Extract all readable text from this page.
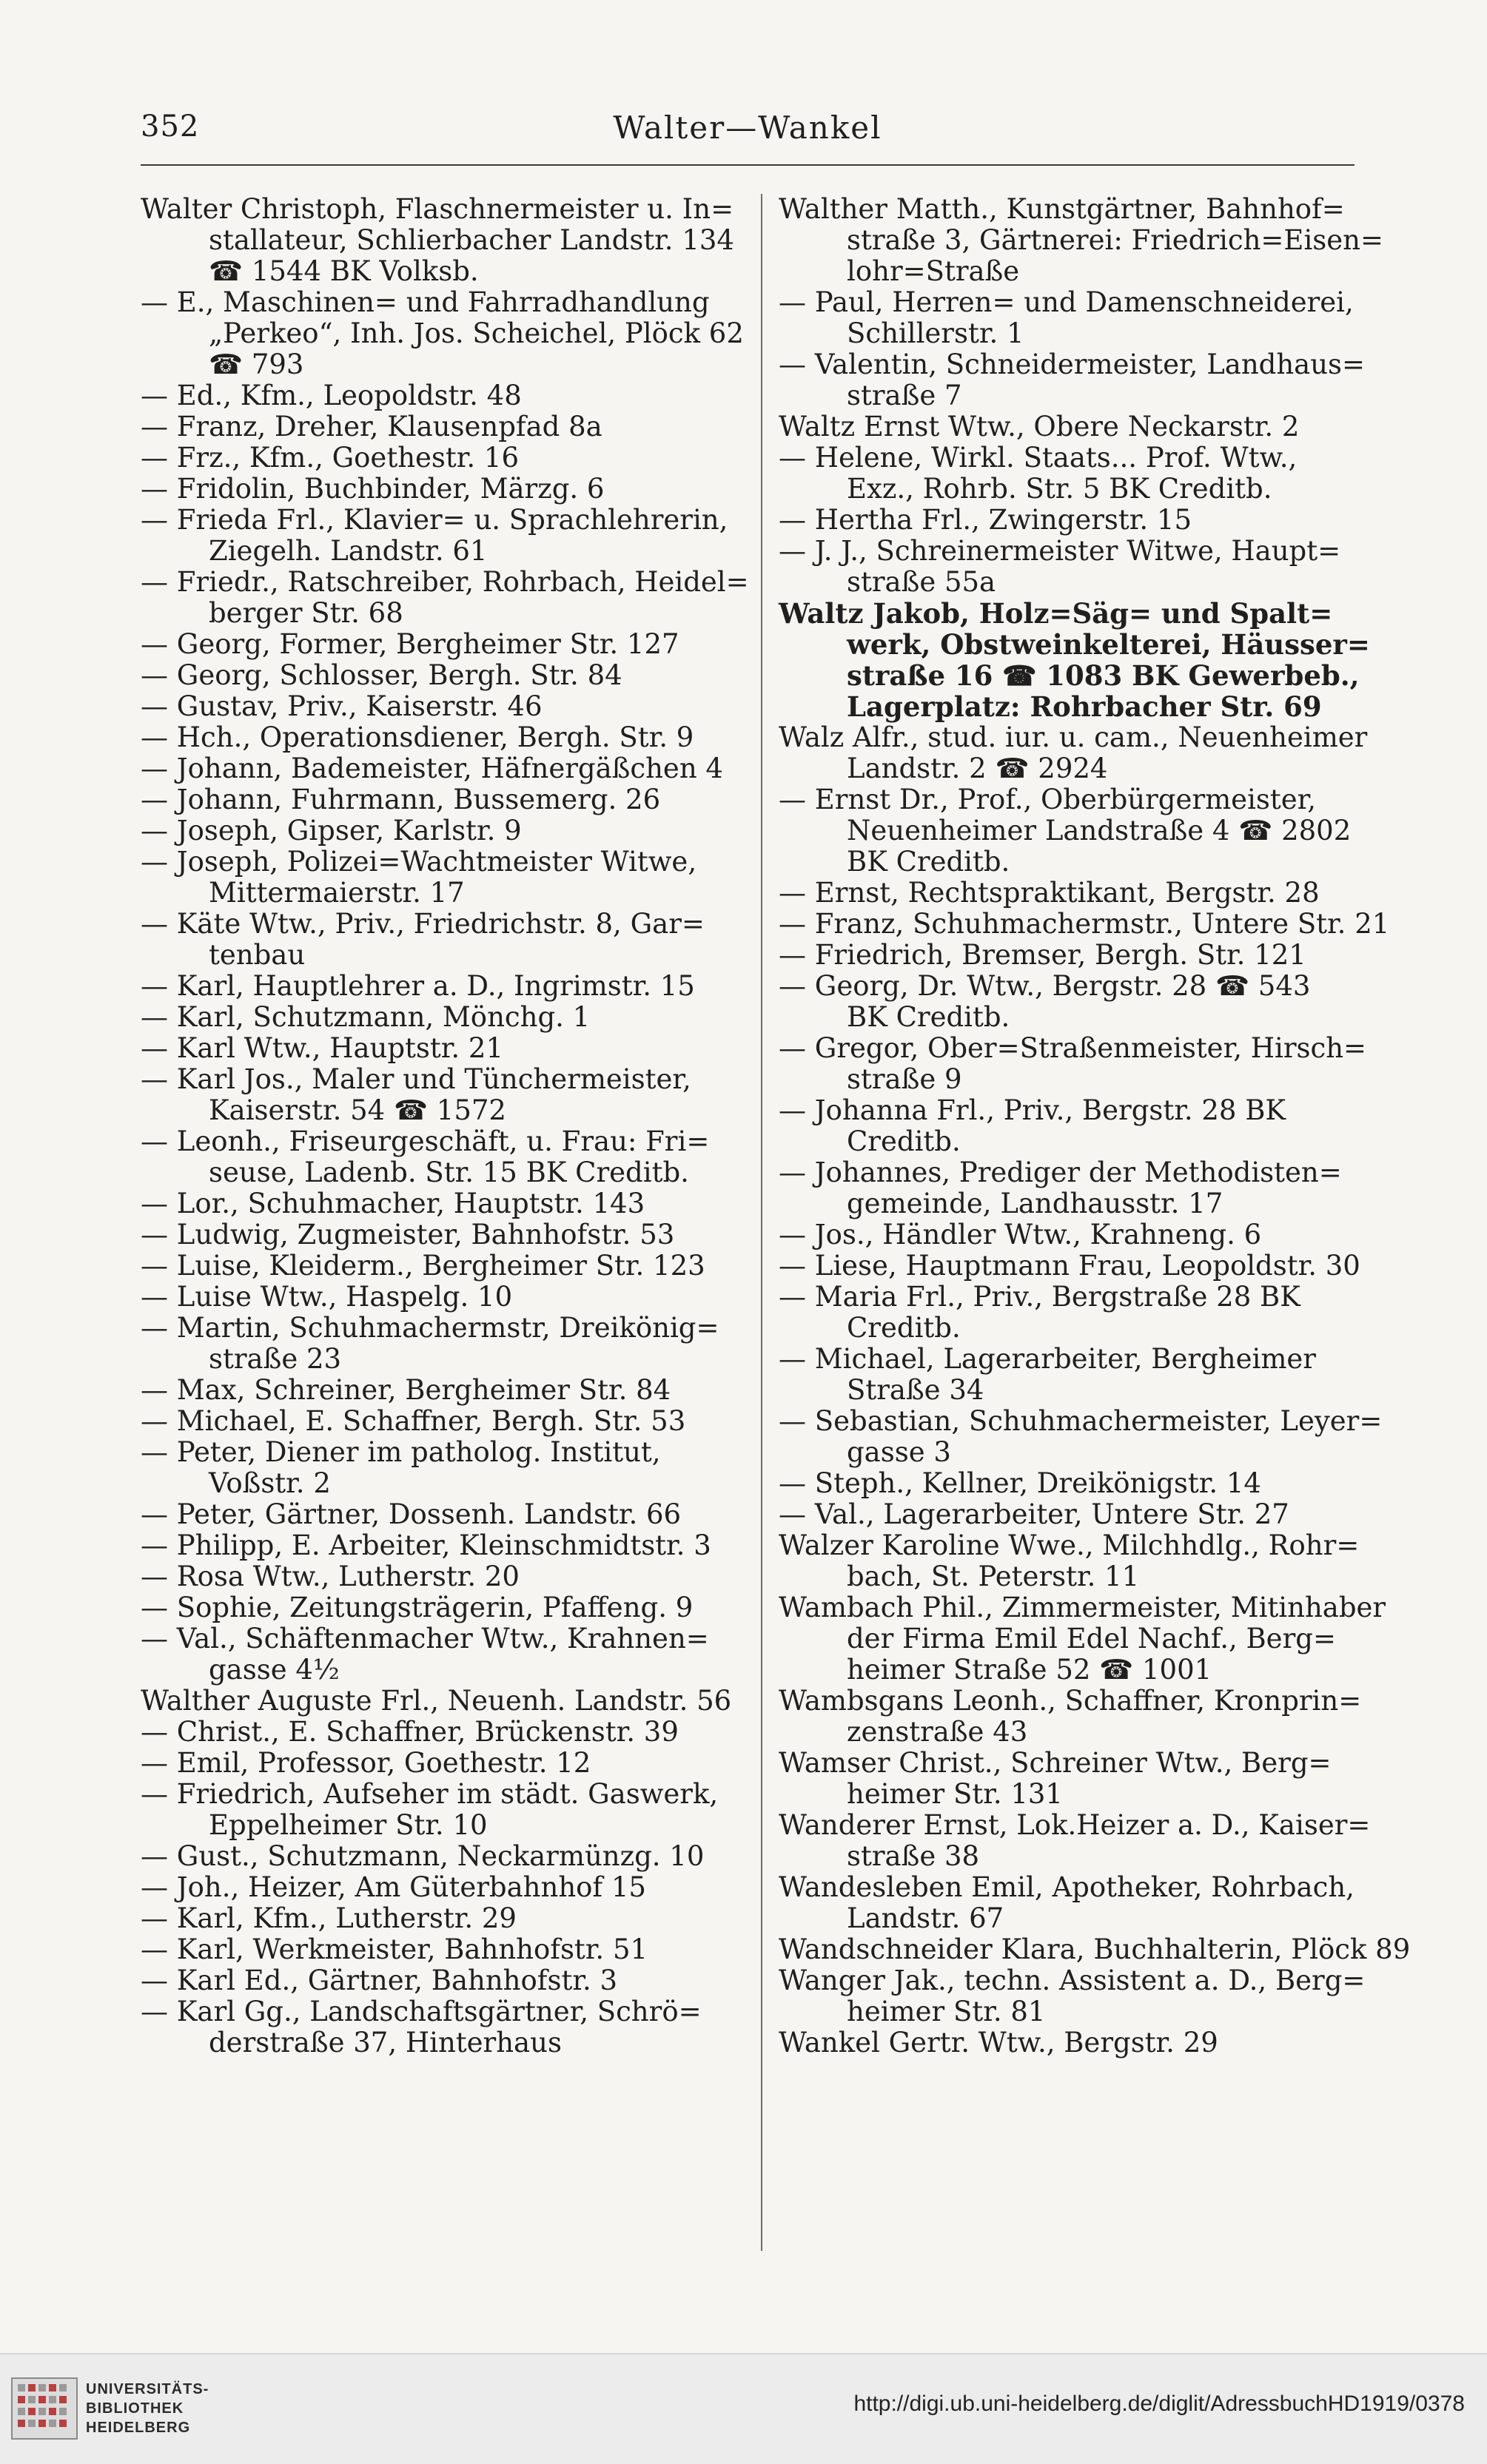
352	Walter—Wankel
Walter Christoph, Flaschnermeister u. In=
stallateur, Schlierbacher Landstr. 134
☎ 1544 BK Volksb.
— E., Maschinen= und Fahrradhandlung
„Perkeo“, Inh. Jos. Scheichel, Plöck 62
☎ 793
— Ed., Kfm., Leopoldstr. 48
— Franz, Dreher, Klausenpfad 8a
— Frz., Kfm., Goethestr. 16
— Fridolin, Buchbinder, Märzg. 6
— Frieda Frl., Klavier= u. Sprachlehrerin,
Ziegelh. Landstr. 61
— Friedr., Ratschreiber, Rohrbach, Heidel=
berger Str. 68
— Georg, Former, Bergheimer Str. 127
— Georg, Schlosser, Bergh. Str. 84
— Gustav, Priv., Kaiserstr. 46
— Hch., Operationsdiener, Bergh. Str. 9
— Johann, Bademeister, Häfnergäßchen 4
— Johann, Fuhrmann, Bussemerg. 26
— Joseph, Gipser, Karlstr. 9
— Joseph, Polizei=Wachtmeister Witwe,
Mittermaierstr. 17
— Käte Wtw., Priv., Friedrichstr. 8, Gar=
tenbau
— Karl, Hauptlehrer a. D., Ingrimstr. 15
— Karl, Schutzmann, Mönchg. 1
— Karl Wtw., Hauptstr. 21
— Karl Jos., Maler und Tünchermeister,
Kaiserstr. 54 ☎ 1572
— Leonh., Friseurgeschäft, u. Frau: Fri=
seuse, Ladenb. Str. 15 BK Creditb.
— Lor., Schuhmacher, Hauptstr. 143
— Ludwig, Zugmeister, Bahnhofstr. 53
— Luise, Kleiderm., Bergheimer Str. 123
— Luise Wtw., Haspelg. 10
— Martin, Schuhmachermstr, Dreikönig=
straße 23
— Max, Schreiner, Bergheimer Str. 84
— Michael, E. Schaffner, Bergh. Str. 53
— Peter, Diener im patholog. Institut,
Voßstr. 2
— Peter, Gärtner, Dossenh. Landstr. 66
— Philipp, E. Arbeiter, Kleinschmidtstr. 3
— Rosa Wtw., Lutherstr. 20
— Sophie, Zeitungsträgerin, Pfaffeng. 9
— Val., Schäftenmacher Wtw., Krahnen=
gasse 4½
Walther Auguste Frl., Neuenh. Landstr. 56
— Christ., E. Schaffner, Brückenstr. 39
— Emil, Professor, Goethestr. 12
— Friedrich, Aufseher im städt. Gaswerk,
Eppelheimer Str. 10
— Gust., Schutzmann, Neckarmünzg. 10
— Joh., Heizer, Am Güterbahnhof 15
— Karl, Kfm., Lutherstr. 29
— Karl, Werkmeister, Bahnhofstr. 51
— Karl Ed., Gärtner, Bahnhofstr. 3
— Karl Gg., Landschaftsgärtner, Schrö=
derstraße 37, Hinterhaus
Walther Matth., Kunstgärtner, Bahnhof=
straße 3, Gärtnerei: Friedrich=Eisen=
lohr=Straße
— Paul, Herren= und Damenschneiderei,
Schillerstr. 1
— Valentin, Schneidermeister, Landhaus=
straße 7
Waltz Ernst Wtw., Obere Neckarstr. 2
— Helene, Wirkl. Staats... Prof. Wtw.,
Exz., Rohrb. Str. 5 BK Creditb.
— Hertha Frl., Zwingerstr. 15
— J. J., Schreinermeister Witwe, Haupt=
straße 55a
Waltz Jakob, Holz=Säg= und Spalt=
werk, Obstweinkelterei, Häusser=
straße 16 ☎ 1083 BK Gewerbeb.,
Lagerplatz: Rohrbacher Str. 69
Walz Alfr., stud. iur. u. cam., Neuenheimer
Landstr. 2 ☎ 2924
— Ernst Dr., Prof., Oberbürgermeister,
Neuenheimer Landstraße 4 ☎ 2802
BK Creditb.
— Ernst, Rechtspraktikant, Bergstr. 28
— Franz, Schuhmachermstr., Untere Str. 21
— Friedrich, Bremser, Bergh. Str. 121
— Georg, Dr. Wtw., Bergstr. 28 ☎ 543
BK Creditb.
— Gregor, Ober=Straßenmeister, Hirsch=
straße 9
— Johanna Frl., Priv., Bergstr. 28 BK
Creditb.
— Johannes, Prediger der Methodisten=
gemeinde, Landhausstr. 17
— Jos., Händler Wtw., Krahneng. 6
— Liese, Hauptmann Frau, Leopoldstr. 30
— Maria Frl., Priv., Bergstraße 28 BK
Creditb.
— Michael, Lagerarbeiter, Bergheimer
Straße 34
— Sebastian, Schuhmachermeister, Leyer=
gasse 3
— Steph., Kellner, Dreikönigstr. 14
— Val., Lagerarbeiter, Untere Str. 27
Walzer Karoline Wwe., Milchhdlg., Rohr=
bach, St. Peterstr. 11
Wambach Phil., Zimmermeister, Mitinhaber
der Firma Emil Edel Nachf., Berg=
heimer Straße 52 ☎ 1001
Wambsgans Leonh., Schaffner, Kronprin=
zenstraße 43
Wamser Christ., Schreiner Wtw., Berg=
heimer Str. 131
Wanderer Ernst, Lok.Heizer a. D., Kaiser=
straße 38
Wandesleben Emil, Apotheker, Rohrbach,
Landstr. 67
Wandschneider Klara, Buchhalterin, Plöck 89
Wanger Jak., techn. Assistent a. D., Berg=
heimer Str. 81
Wankel Gertr. Wtw., Bergstr. 29
UNIVERSITÄTS-
BIBLIOTHEK
HEIDELBERG
http://digi.ub.uni-heidelberg.de/diglit/AdressbuchHD1919/0378
